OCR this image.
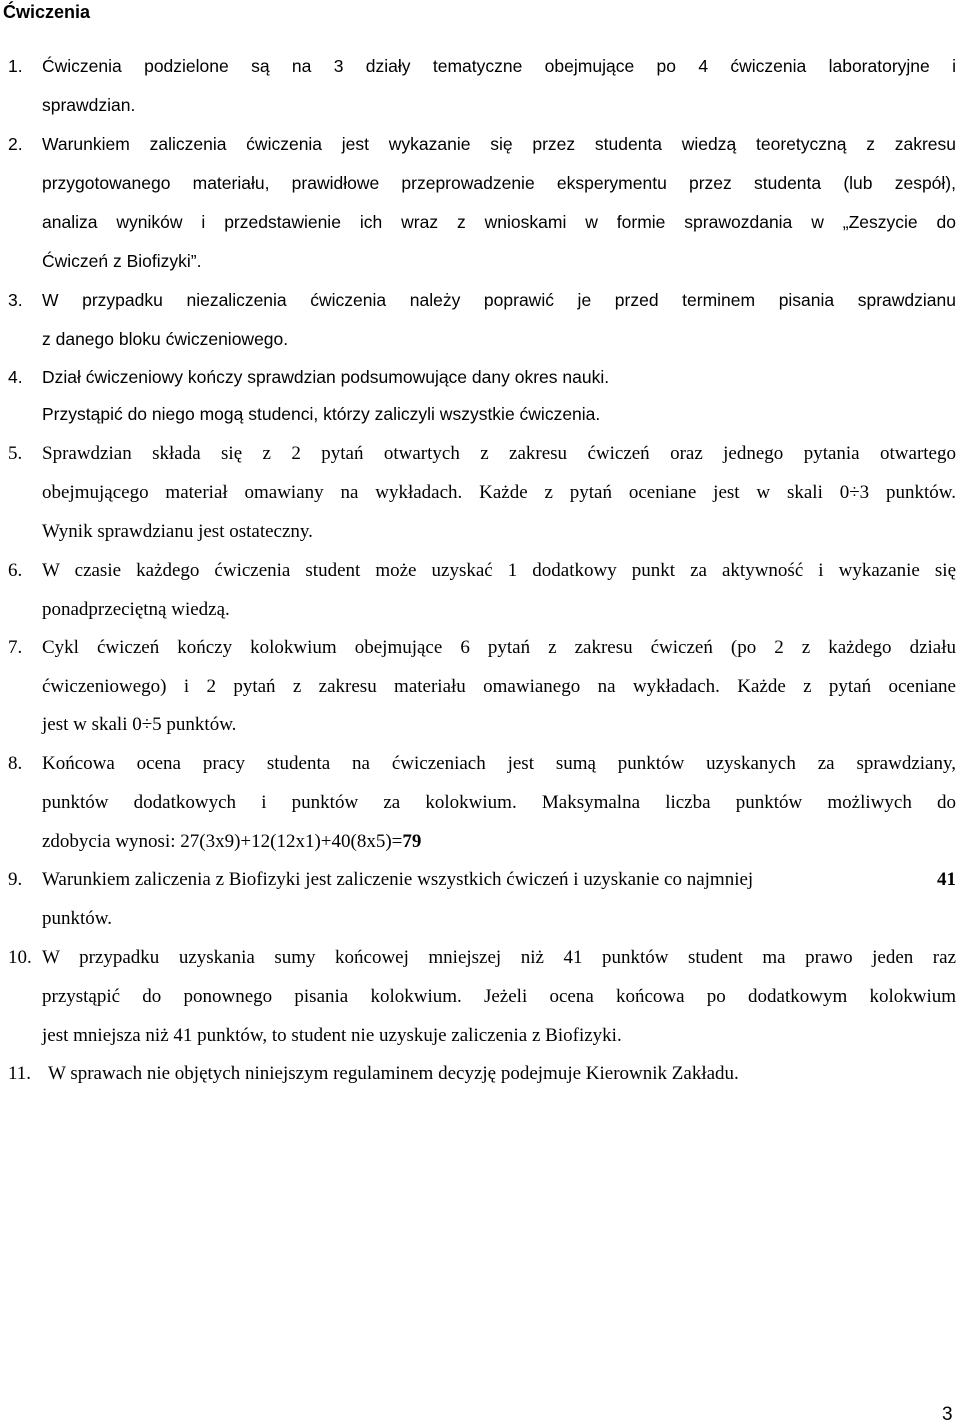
Ćwiczenia
1. Ćwiczenia podzielone są na 3 działy tematyczne obejmujące po 4 ćwiczenia laboratoryjne i
sprawdzian.
2. Warunkiem zaliczenia ćwiczenia jest wykazanie się przez studenta wiedzą teoretyczną z zakresu
przygotowanego materiału, prawidłowe przeprowadzenie eksperymentu przez studenta (lub zespół),
analiza wyników i przedstawienie ich wraz z wnioskami w formie sprawozdania w „Zeszycie do
Ćwiczeń z Biofizyki”.
3. W przypadku niezaliczenia ćwiczenia należy poprawić je przed terminem pisania sprawdzianu
z danego bloku ćwiczeniowego.
4. Dział ćwiczeniowy kończy sprawdzian podsumowujące dany okres nauki.
Przystąpić do niego mogą studenci, którzy zaliczyli wszystkie ćwiczenia.
5. Sprawdzian składa się z 2 pytań otwartych z zakresu ćwiczeń oraz jednego pytania otwartego
obejmującego materiał omawiany na wykładach. Każde z pytań oceniane jest w skali 0÷3 punktów.
Wynik sprawdzianu jest ostateczny.
6. W czasie każdego ćwiczenia student może uzyskać 1 dodatkowy punkt za aktywność i wykazanie się
ponadprzeciętną wiedzą.
7. Cykl ćwiczeń kończy kolokwium obejmujące 6 pytań z zakresu ćwiczeń (po 2 z każdego działu
ćwiczeniowego) i 2 pytań z zakresu materiału omawianego na wykładach. Każde z pytań oceniane
jest w skali 0÷5 punktów.
8. Końcowa ocena pracy studenta na ćwiczeniach jest sumą punktów uzyskanych za sprawdziany,
punktów dodatkowych i punktów za kolokwium. Maksymalna liczba punktów możliwych do
zdobycia wynosi: 27(3x9)+12(12x1)+40(8x5)=79
9. Warunkiem zaliczenia z Biofizyki jest zaliczenie wszystkich ćwiczeń i uzyskanie co najmniej	41
punktów.
10. W przypadku uzyskania sumy końcowej mniejszej niż 41 punktów student ma prawo jeden raz
przystąpić do ponownego pisania kolokwium. Jeżeli ocena końcowa po dodatkowym kolokwium
jest mniejsza niż 41 punktów, to student nie uzyskuje zaliczenia z Biofizyki.
11. W sprawach nie objętych niniejszym regulaminem decyzję podejmuje Kierownik Zakładu.
3
